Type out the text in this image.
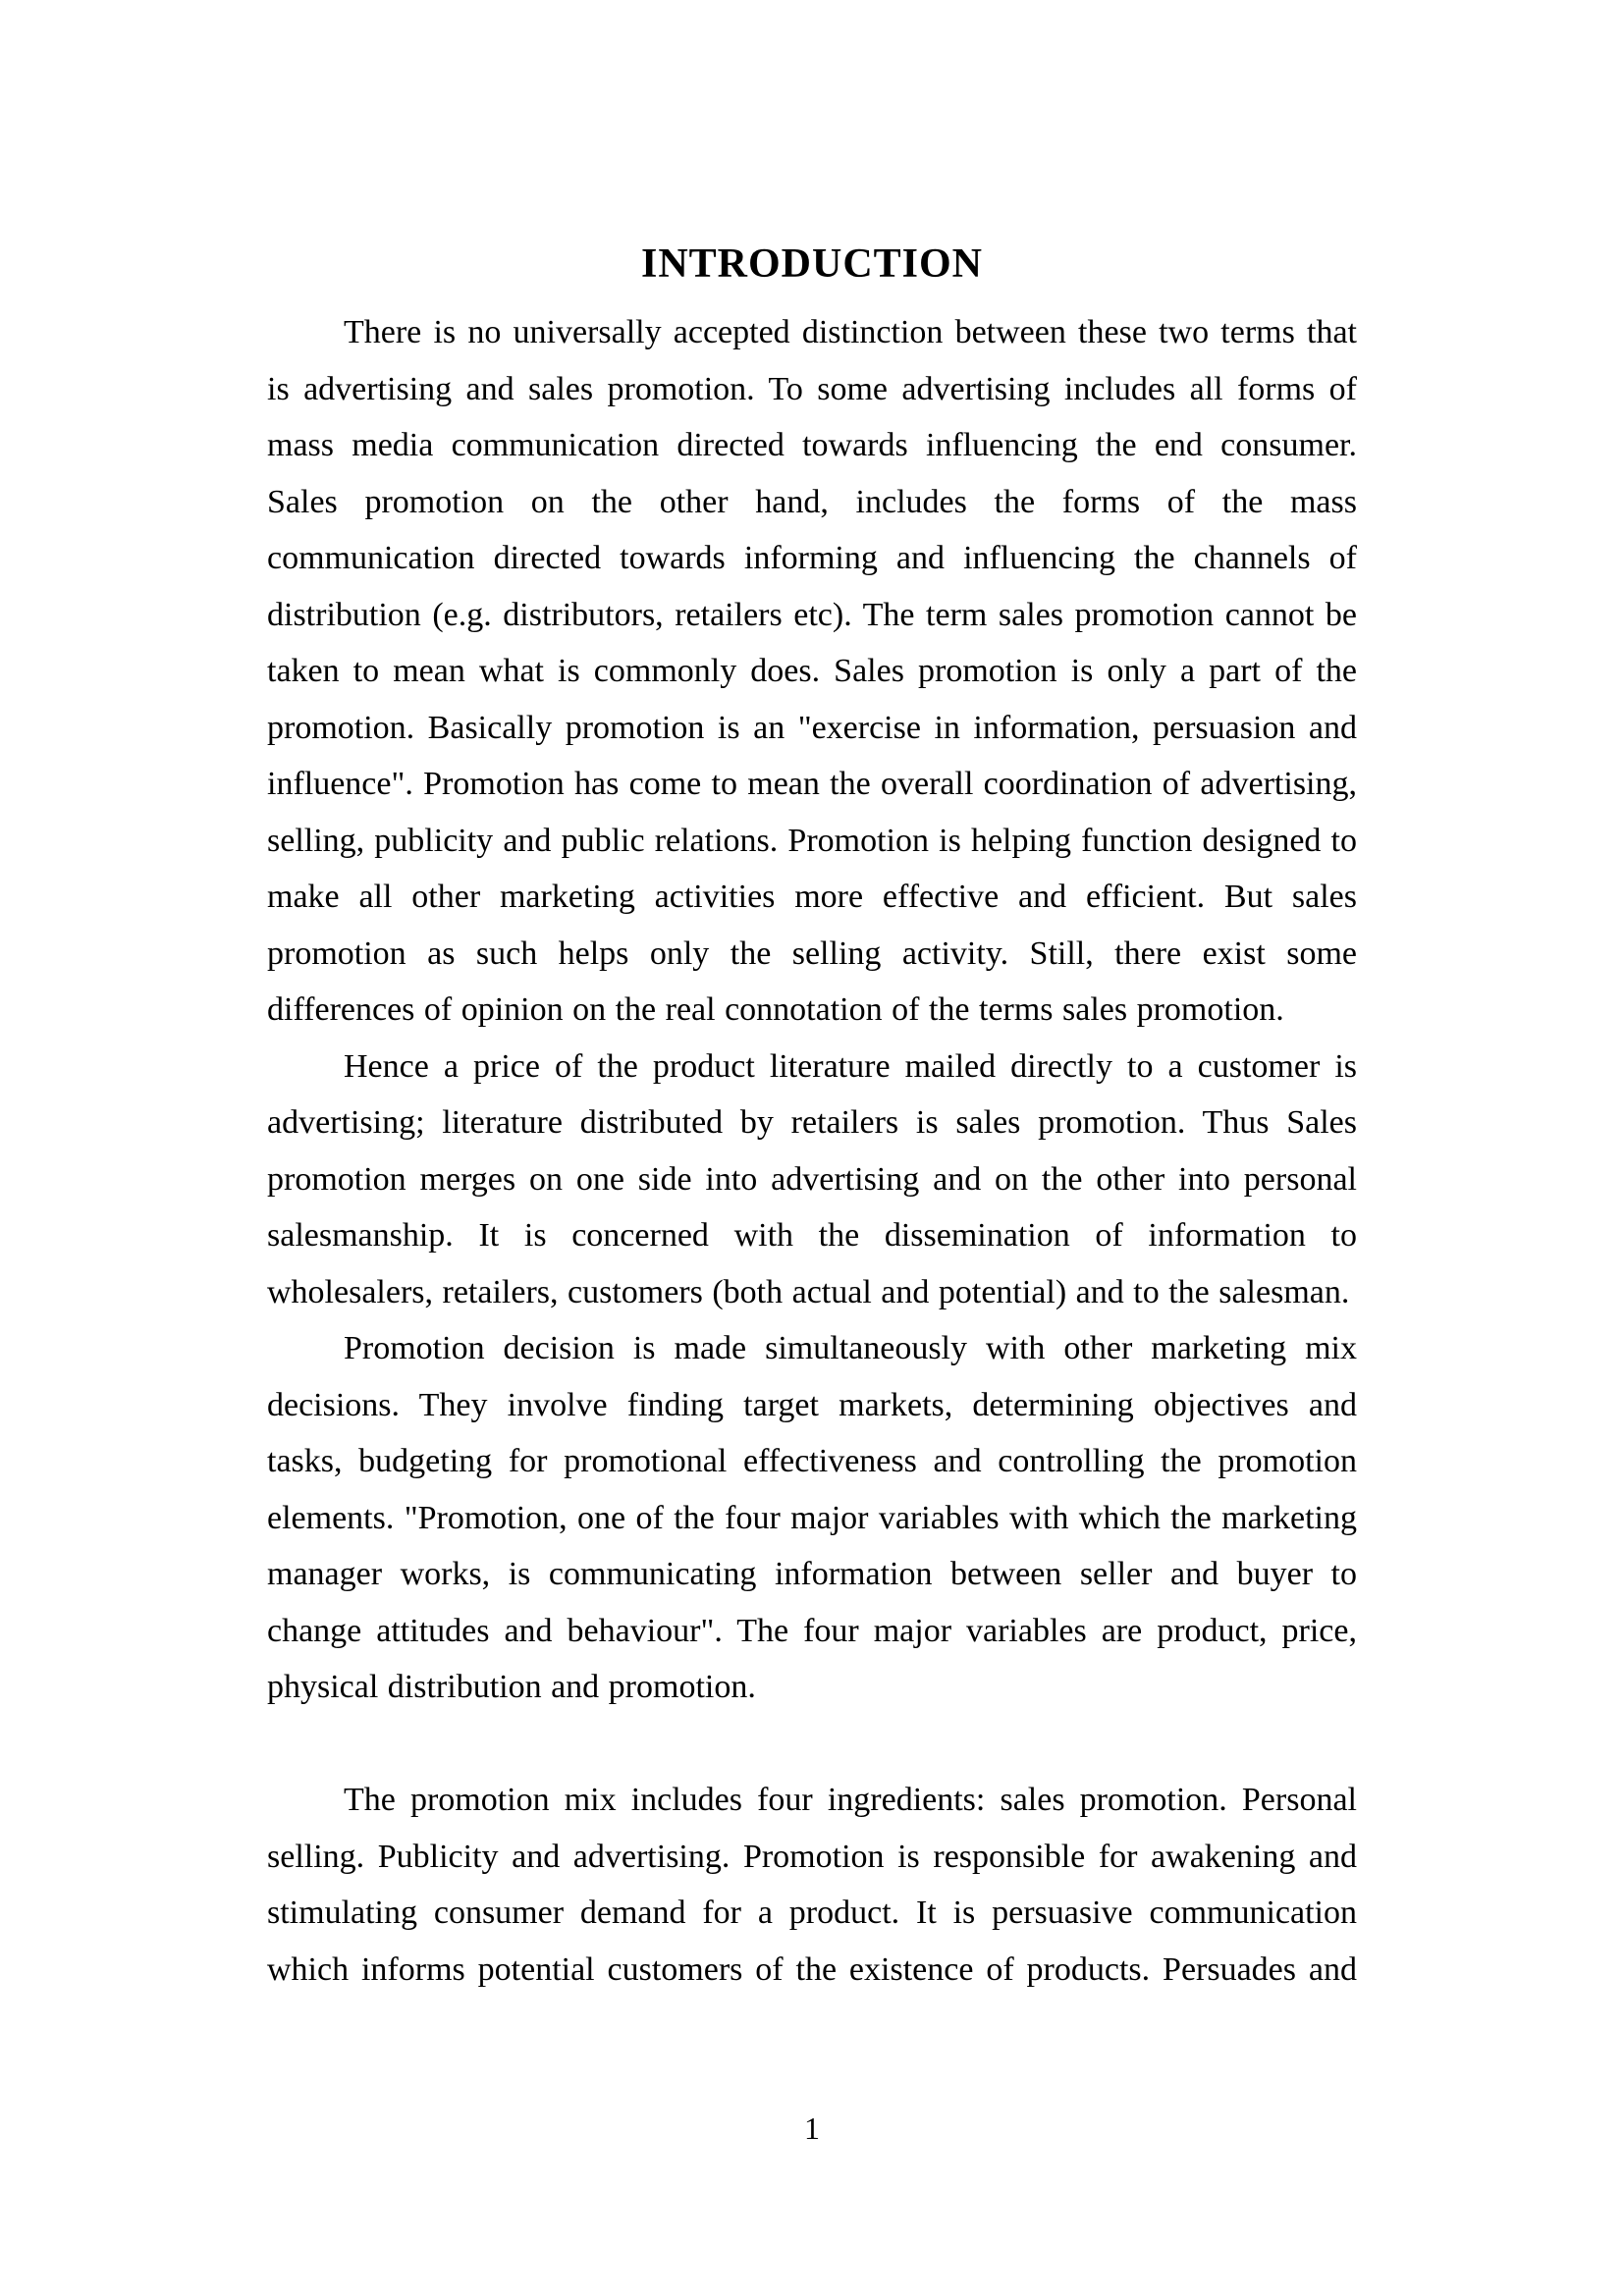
INTRODUCTION

There is no universally accepted distinction between these two terms that is advertising and sales promotion. To some advertising includes all forms of mass media communication directed towards influencing the end consumer. Sales promotion on the other hand, includes the forms of the mass communication directed towards informing and influencing the channels of distribution (e.g. distributors, retailers etc). The term sales promotion cannot be taken to mean what is commonly does. Sales promotion is only a part of the promotion. Basically promotion is an "exercise in information, persuasion and influence". Promotion has come to mean the overall coordination of advertising, selling, publicity and public relations. Promotion is helping function designed to make all other marketing activities more effective and efficient. But sales promotion as such helps only the selling activity. Still, there exist some differences of opinion on the real connotation of the terms sales promotion.

Hence a price of the product literature mailed directly to a customer is advertising; literature distributed by retailers is sales promotion. Thus Sales promotion merges on one side into advertising and on the other into personal salesmanship. It is concerned with the dissemination of information to wholesalers, retailers, customers (both actual and potential) and to the salesman.

Promotion decision is made simultaneously with other marketing mix decisions. They involve finding target markets, determining objectives and tasks, budgeting for promotional effectiveness and controlling the promotion elements. "Promotion, one of the four major variables with which the marketing manager works, is communicating information between seller and buyer to change attitudes and behaviour". The four major variables are product, price, physical distribution and promotion.

The promotion mix includes four ingredients: sales promotion. Personal selling. Publicity and advertising. Promotion is responsible for awakening and stimulating consumer demand for a product. It is persuasive communication which informs potential customers of the existence of products. Persuades and

1
